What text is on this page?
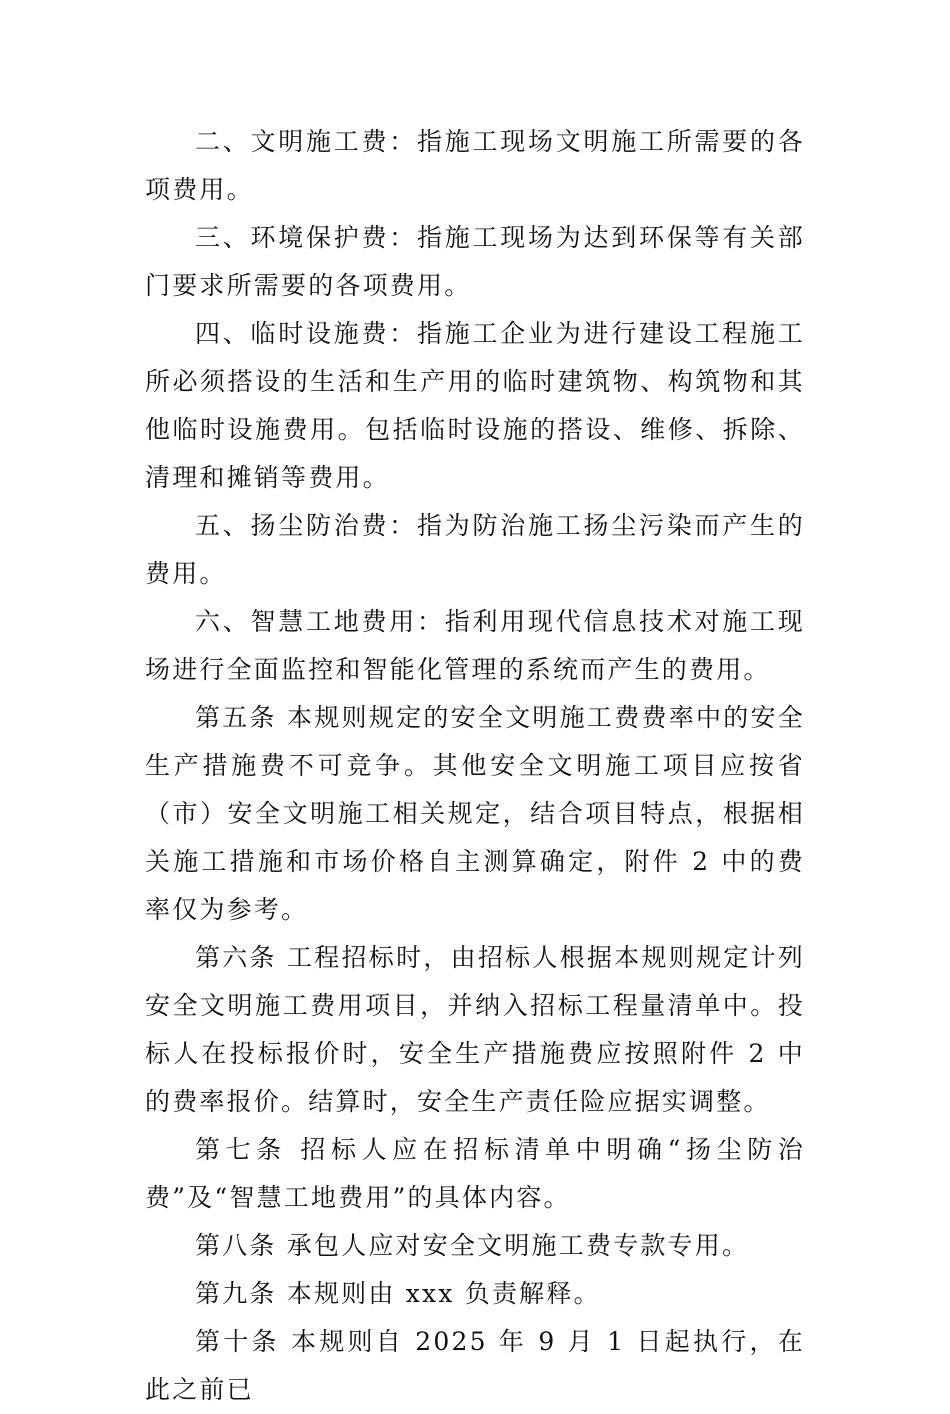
二、文明施工费：指施工现场文明施工所需要的各项费用。

三、环境保护费：指施工现场为达到环保等有关部门要求所需要的各项费用。

四、临时设施费：指施工企业为进行建设工程施工所必须搭设的生活和生产用的临时建筑物、构筑物和其他临时设施费用。包括临时设施的搭设、维修、拆除、清理和摊销等费用。

五、扬尘防治费：指为防治施工扬尘污染而产生的费用。

六、智慧工地费用：指利用现代信息技术对施工现场进行全面监控和智能化管理的系统而产生的费用。

第五条 本规则规定的安全文明施工费费率中的安全生产措施费不可竞争。其他安全文明施工项目应按省（市）安全文明施工相关规定，结合项目特点，根据相关施工措施和市场价格自主测算确定，附件 2 中的费率仅为参考。

第六条 工程招标时，由招标人根据本规则规定计列安全文明施工费用项目，并纳入招标工程量清单中。投标人在投标报价时，安全生产措施费应按照附件 2 中的费率报价。结算时，安全生产责任险应据实调整。

第七条 招标人应在招标清单中明确“扬尘防治费”及“智慧工地费用”的具体内容。

第八条 承包人应对安全文明施工费专款专用。

第九条 本规则由 xxx 负责解释。

第十条 本规则自 2025 年 9 月 1 日起执行，在此之前已
